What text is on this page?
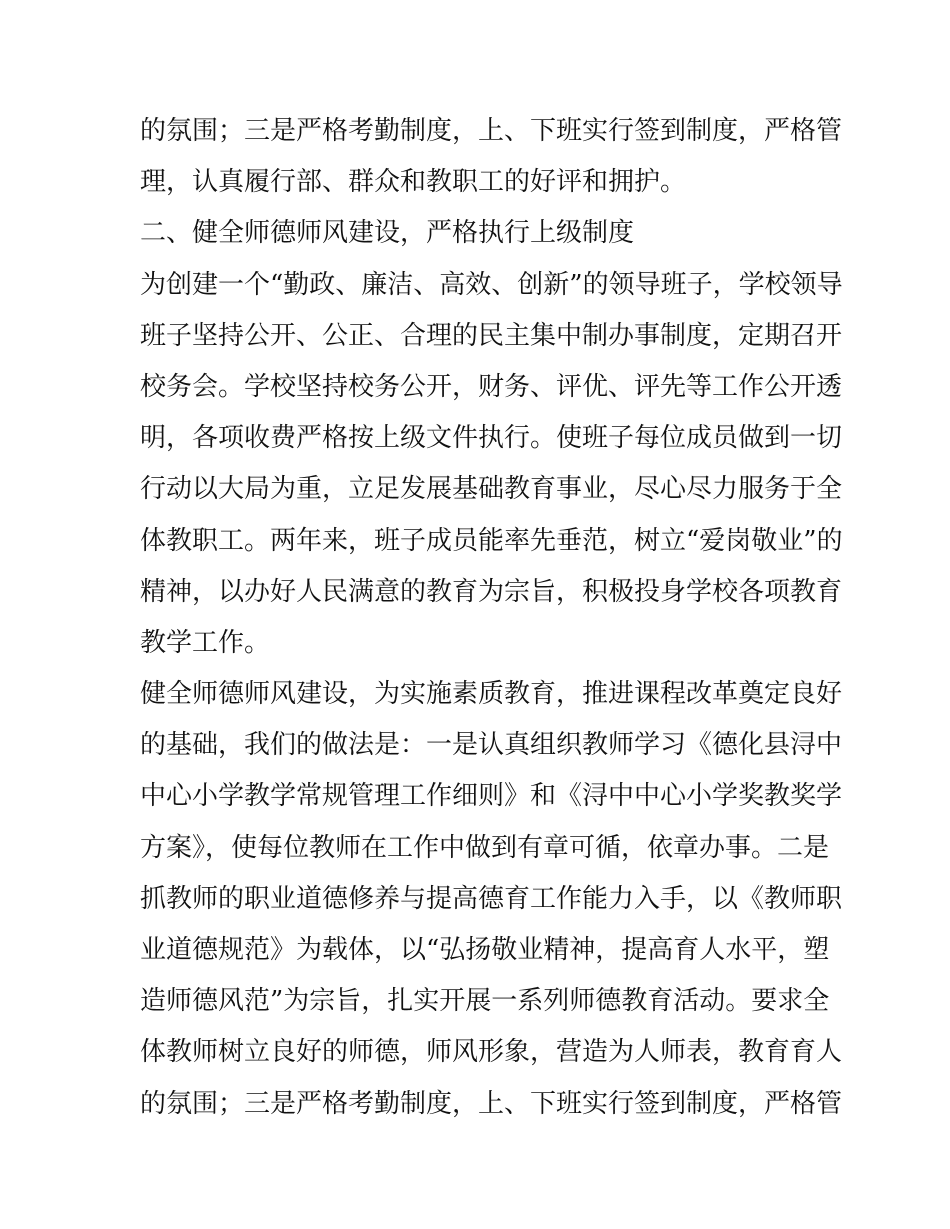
的氛围；三是严格考勤制度，上、下班实行签到制度，严格管
理，认真履行部、群众和教职工的好评和拥护。
二、健全师德师风建设，严格执行上级制度
为创建一个“勤政、廉洁、高效、创新”的领导班子，学校领导
班子坚持公开、公正、合理的民主集中制办事制度，定期召开
校务会。学校坚持校务公开，财务、评优、评先等工作公开透
明，各项收费严格按上级文件执行。使班子每位成员做到一切
行动以大局为重，立足发展基础教育事业，尽心尽力服务于全
体教职工。两年来，班子成员能率先垂范，树立“爱岗敬业”的
精神，以办好人民满意的教育为宗旨，积极投身学校各项教育
教学工作。
健全师德师风建设，为实施素质教育，推进课程改革奠定良好
的基础，我们的做法是：一是认真组织教师学习《德化县浔中
中心小学教学常规管理工作细则》和《浔中中心小学奖教奖学
方案》，使每位教师在工作中做到有章可循，依章办事。二是
抓教师的职业道德修养与提高德育工作能力入手，以《教师职
业道德规范》为载体，以“弘扬敬业精神，提高育人水平，塑
造师德风范”为宗旨，扎实开展一系列师德教育活动。要求全
体教师树立良好的师德，师风形象，营造为人师表，教育育人
的氛围；三是严格考勤制度，上、下班实行签到制度，严格管
